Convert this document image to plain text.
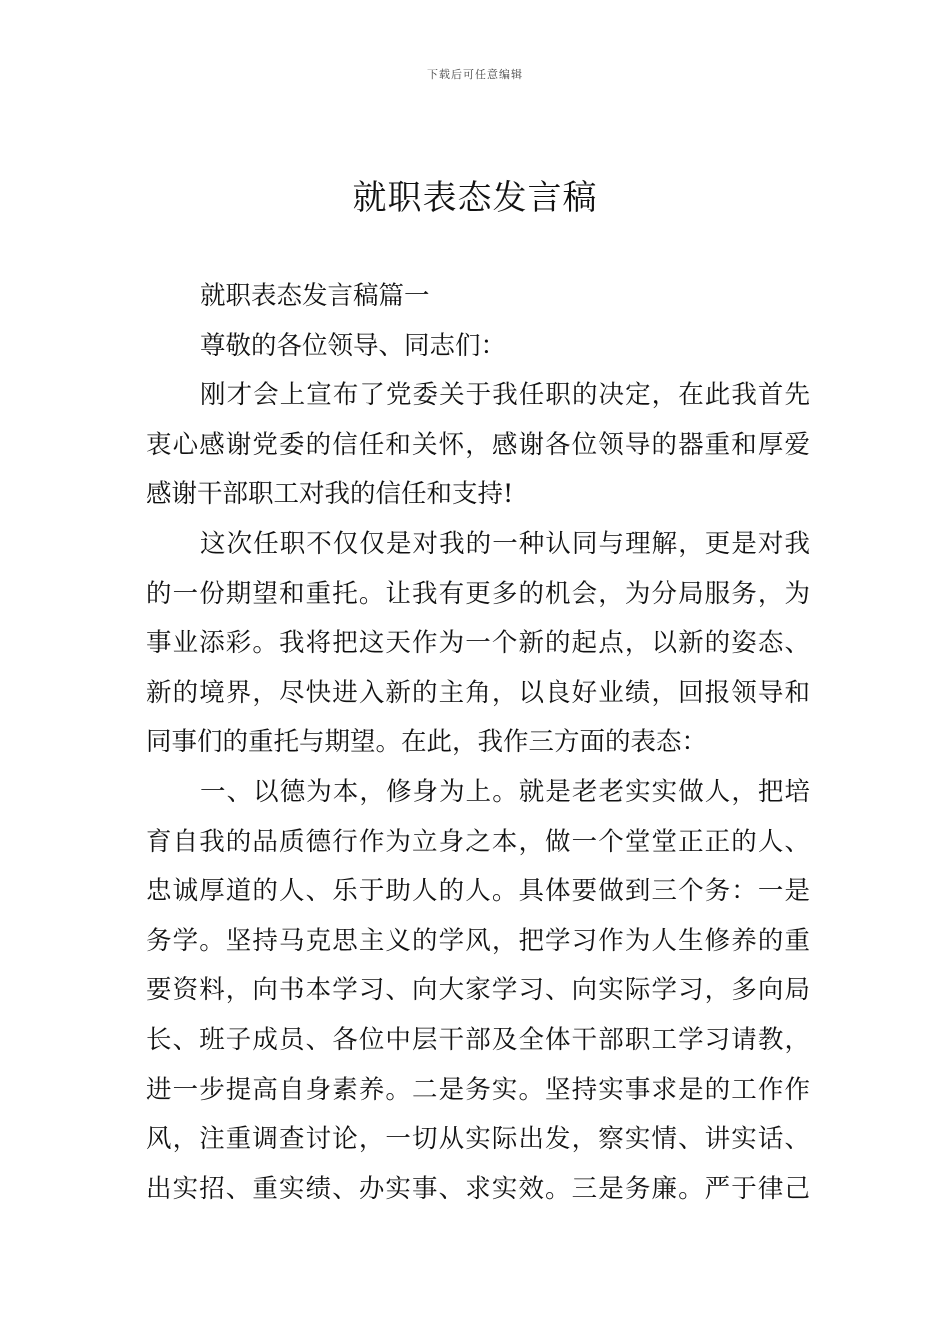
下载后可任意编辑
就职表态发言稿
就职表态发言稿篇一
尊敬的各位领导、同志们：
刚才会上宣布了党委关于我任职的决定，在此我首先
衷心感谢党委的信任和关怀，感谢各位领导的器重和厚爱
感谢干部职工对我的信任和支持!
这次任职不仅仅是对我的一种认同与理解，更是对我
的一份期望和重托。让我有更多的机会，为分局服务，为
事业添彩。我将把这天作为一个新的起点，以新的姿态、
新的境界，尽快进入新的主角，以良好业绩，回报领导和
同事们的重托与期望。在此，我作三方面的表态：
一、以德为本，修身为上。就是老老实实做人，把培
育自我的品质德行作为立身之本，做一个堂堂正正的人、
忠诚厚道的人、乐于助人的人。具体要做到三个务：一是
务学。坚持马克思主义的学风，把学习作为人生修养的重
要资料，向书本学习、向大家学习、向实际学习，多向局
长、班子成员、各位中层干部及全体干部职工学习请教，
进一步提高自身素养。二是务实。坚持实事求是的工作作
风，注重调查讨论，一切从实际出发，察实情、讲实话、
出实招、重实绩、办实事、求实效。三是务廉。严于律己
